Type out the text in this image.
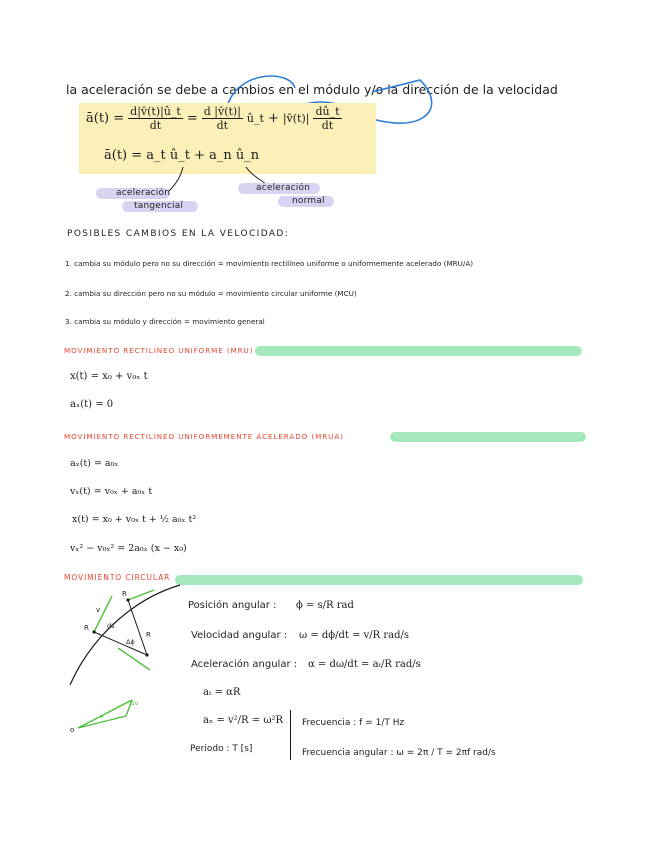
la aceleración se debe a cambios en el módulo y/o la dirección de la velocidad
ā(t) = $\frac{d|v̄(t)|û\_t}{dt} = \frac{d |v̄(t)|}{dt}$ û_t + |v̄(t)| $\frac{dû\_t}{dt}$
ā(t) = a_t û_t + a_n û_n
aceleración
tangencial
aceleración
normal
POSIBLES CAMBIOS EN LA VELOCIDAD:
1. cambia su módulo pero no su dirección = movimiento rectilíneo uniforme o uniformemente acelerado (MRU/A)
2. cambia su dirección pero no su módulo = movimiento circular uniforme (MCU)
3. cambia su módulo y dirección = movimiento general
MOVIMIENTO RECTILÍNEO UNIFORME (MRU)
x(t) = x₀ + v₀ₓ t
aₓ(t) = 0
MOVIMIENTO RECTILÍNEO UNIFORMEMENTE ACELERADO (MRUA)
aₓ(t) = a₀ₓ
vₓ(t) = v₀ₓ + a₀ₓ t
x(t) = x₀ + v₀ₓ t + ½ a₀ₓ t²
vₓ² − v₀ₓ² = 2a₀ₓ (x − x₀)
MOVIMIENTO CIRCULAR
v
R
R
R
ds
Δϕ
Δv
o
v
Posición angular : ϕ = s/R rad
Velocidad angular : ω = dϕ/dt = v/R rad/s
Aceleración angular : α = dω/dt = aₜ/R rad/s
aₜ = αR
aₙ = v²/R = ω²R
Periodo : T [s]
Frecuencia : f = 1/T Hz
Frecuencia angular : ω = 2π / T = 2πf rad/s
